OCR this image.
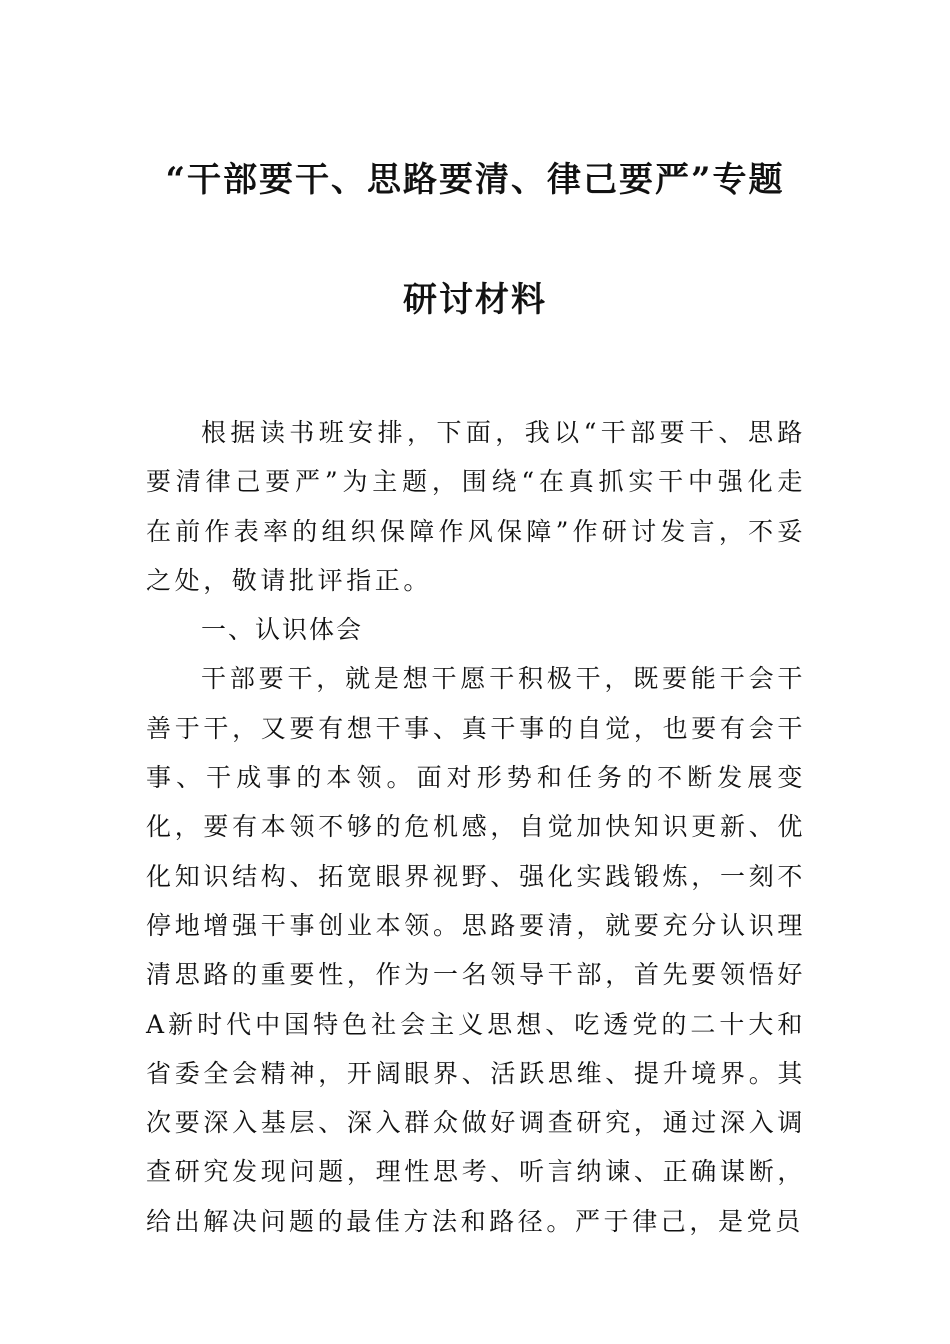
“干部要干、思路要清、律己要严”专题
研讨材料

根据读书班安排，下面，我以“干部要干、思路要清律己要严”为主题，围绕“在真抓实干中强化走在前作表率的组织保障作风保障”作研讨发言，不妥之处，敬请批评指正。

一、认识体会

干部要干，就是想干愿干积极干，既要能干会干善于干，又要有想干事、真干事的自觉，也要有会干事、干成事的本领。面对形势和任务的不断发展变化，要有本领不够的危机感，自觉加快知识更新、优化知识结构、拓宽眼界视野、强化实践锻炼，一刻不停地增强干事创业本领。思路要清，就要充分认识理清思路的重要性，作为一名领导干部，首先要领悟好A新时代中国特色社会主义思想、吃透党的二十大和省委全会精神，开阔眼界、活跃思维、提升境界。其次要深入基层、深入群众做好调查研究，通过深入调查研究发现问题，理性思考、听言纳谏、正确谋断，给出解决问题的最佳方法和路径。严于律己，是党员
